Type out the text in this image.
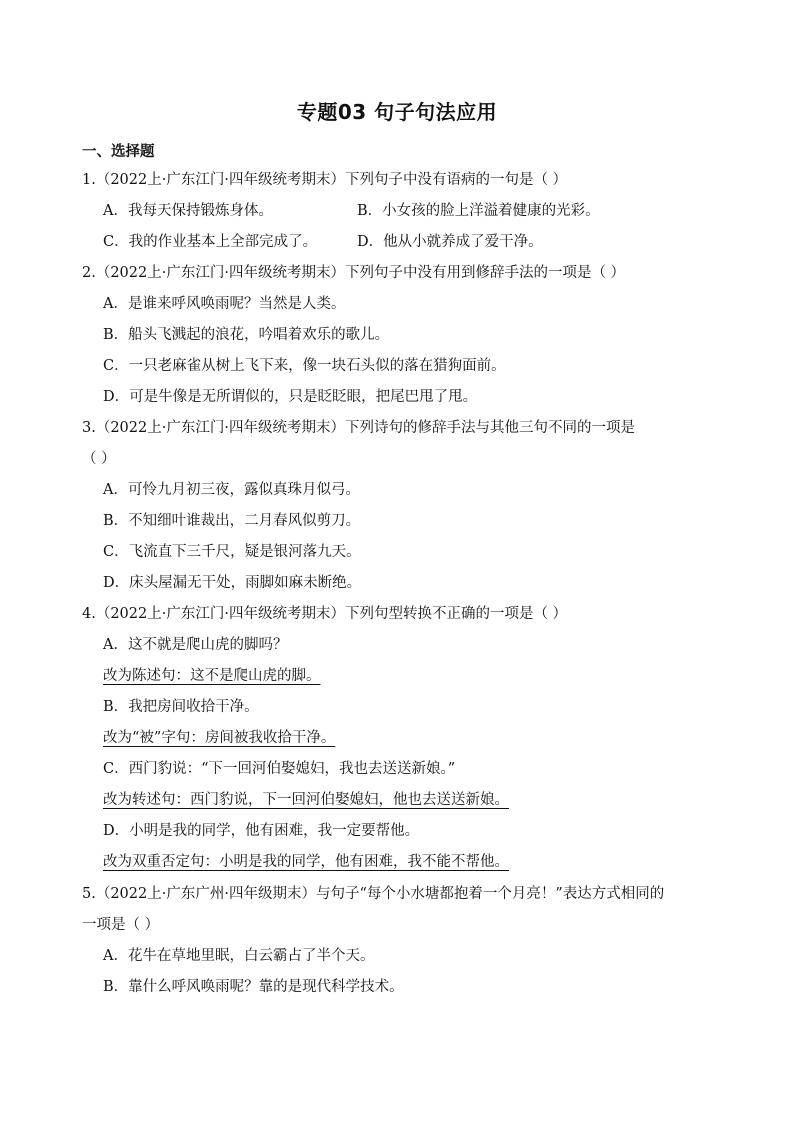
专题03 句子句法应用
一、选择题
1.（2022上·广东江门·四年级统考期末）下列句子中没有语病的一句是（ ）
A．我每天保持锻炼身体。	B．小女孩的脸上洋溢着健康的光彩。
C．我的作业基本上全部完成了。	D．他从小就养成了爱干净。
2.（2022上·广东江门·四年级统考期末）下列句子中没有用到修辞手法的一项是（ ）
A．是谁来呼风唤雨呢？当然是人类。
B．船头飞溅起的浪花，吟唱着欢乐的歌儿。
C．一只老麻雀从树上飞下来，像一块石头似的落在猎狗面前。
D．可是牛像是无所谓似的，只是眨眨眼，把尾巴甩了甩。
3.（2022上·广东江门·四年级统考期末）下列诗句的修辞手法与其他三句不同的一项是
（ ）
A．可怜九月初三夜，露似真珠月似弓。
B．不知细叶谁裁出，二月春风似剪刀。
C．飞流直下三千尺，疑是银河落九天。
D．床头屋漏无干处，雨脚如麻未断绝。
4.（2022上·广东江门·四年级统考期末）下列句型转换不正确的一项是（ ）
A．这不就是爬山虎的脚吗？
改为陈述句：这不是爬山虎的脚。
B．我把房间收拾干净。
改为“被”字句：房间被我收拾干净。
C．西门豹说：“下一回河伯娶媳妇，我也去送送新娘。”
改为转述句：西门豹说，下一回河伯娶媳妇，他也去送送新娘。
D．小明是我的同学，他有困难，我一定要帮他。
改为双重否定句：小明是我的同学，他有困难，我不能不帮他。
5.（2022上·广东广州·四年级期末）与句子“每个小水塘都抱着一个月亮！”表达方式相同的
一项是（ ）
A．花牛在草地里眠，白云霸占了半个天。
B．靠什么呼风唤雨呢？靠的是现代科学技术。
